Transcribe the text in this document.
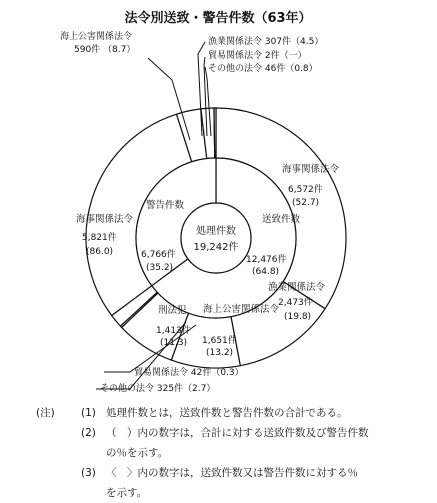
法令別送致・警告件数（63年）
処理件数
19,242件
送致件数
12,476件
(64.8)
警告件数
6,766件
(35.2)
海事関係法令
6,572件
(52.7)
漁業関係法令
2,473件
(19.8)
海上公害関係法令
1,651件
(13.2)
刑法犯
1,413件
(11.3)
海事関係法令
5,821件
(86.0)
海上公害関係法令
590件 （8.7）
漁業関係法令 307件（4.5）
貿易関係法令 2件（一）
その他の法令 46件（0.8）
貿易関係法令 42件（0.3）
その他の法令 325件（2.7）
(注)	(1) 処理件数とは，送致件数と警告件数の合計である。
(2) （　）内の数字は，合計に対する送致件数及び警告件数
の％を示す。
(3) 〈　〉内の数字は，送致件数又は警告件数に対する％
を示す。
